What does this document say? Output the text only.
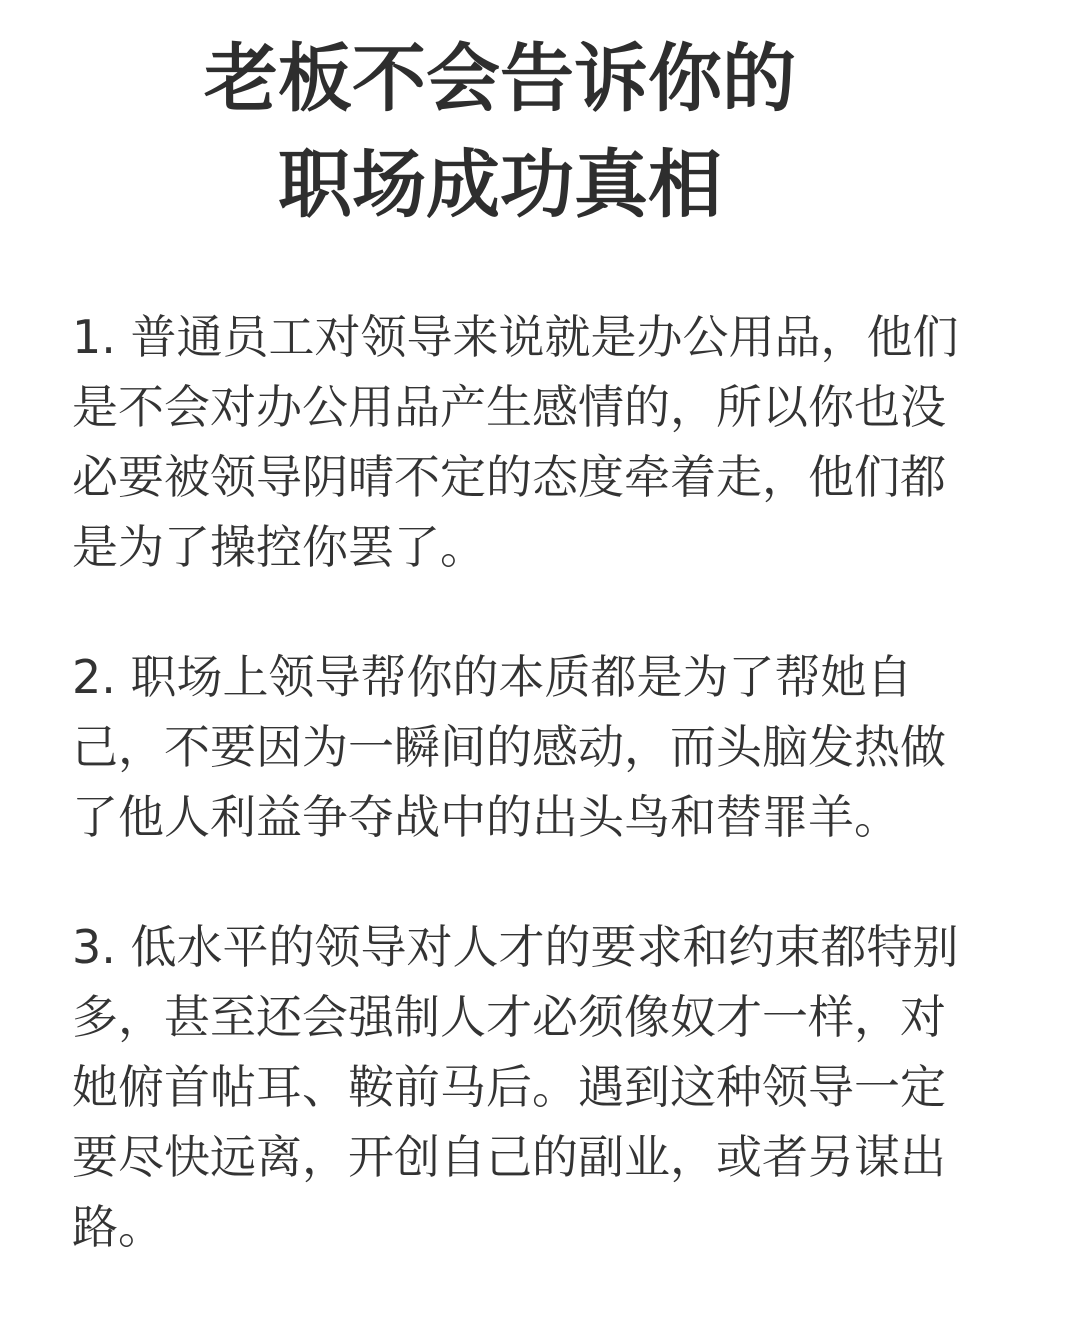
老板不会告诉你的
职场成功真相

1. 普通员工对领导来说就是办公用品，他们
是不会对办公用品产生感情的，所以你也没
必要被领导阴晴不定的态度牵着走，他们都
是为了操控你罢了。

2. 职场上领导帮你的本质都是为了帮她自
己，不要因为一瞬间的感动，而头脑发热做
了他人利益争夺战中的出头鸟和替罪羊。

3. 低水平的领导对人才的要求和约束都特别
多，甚至还会强制人才必须像奴才一样，对
她俯首帖耳、鞍前马后。遇到这种领导一定
要尽快远离，开创自己的副业，或者另谋出
路。
